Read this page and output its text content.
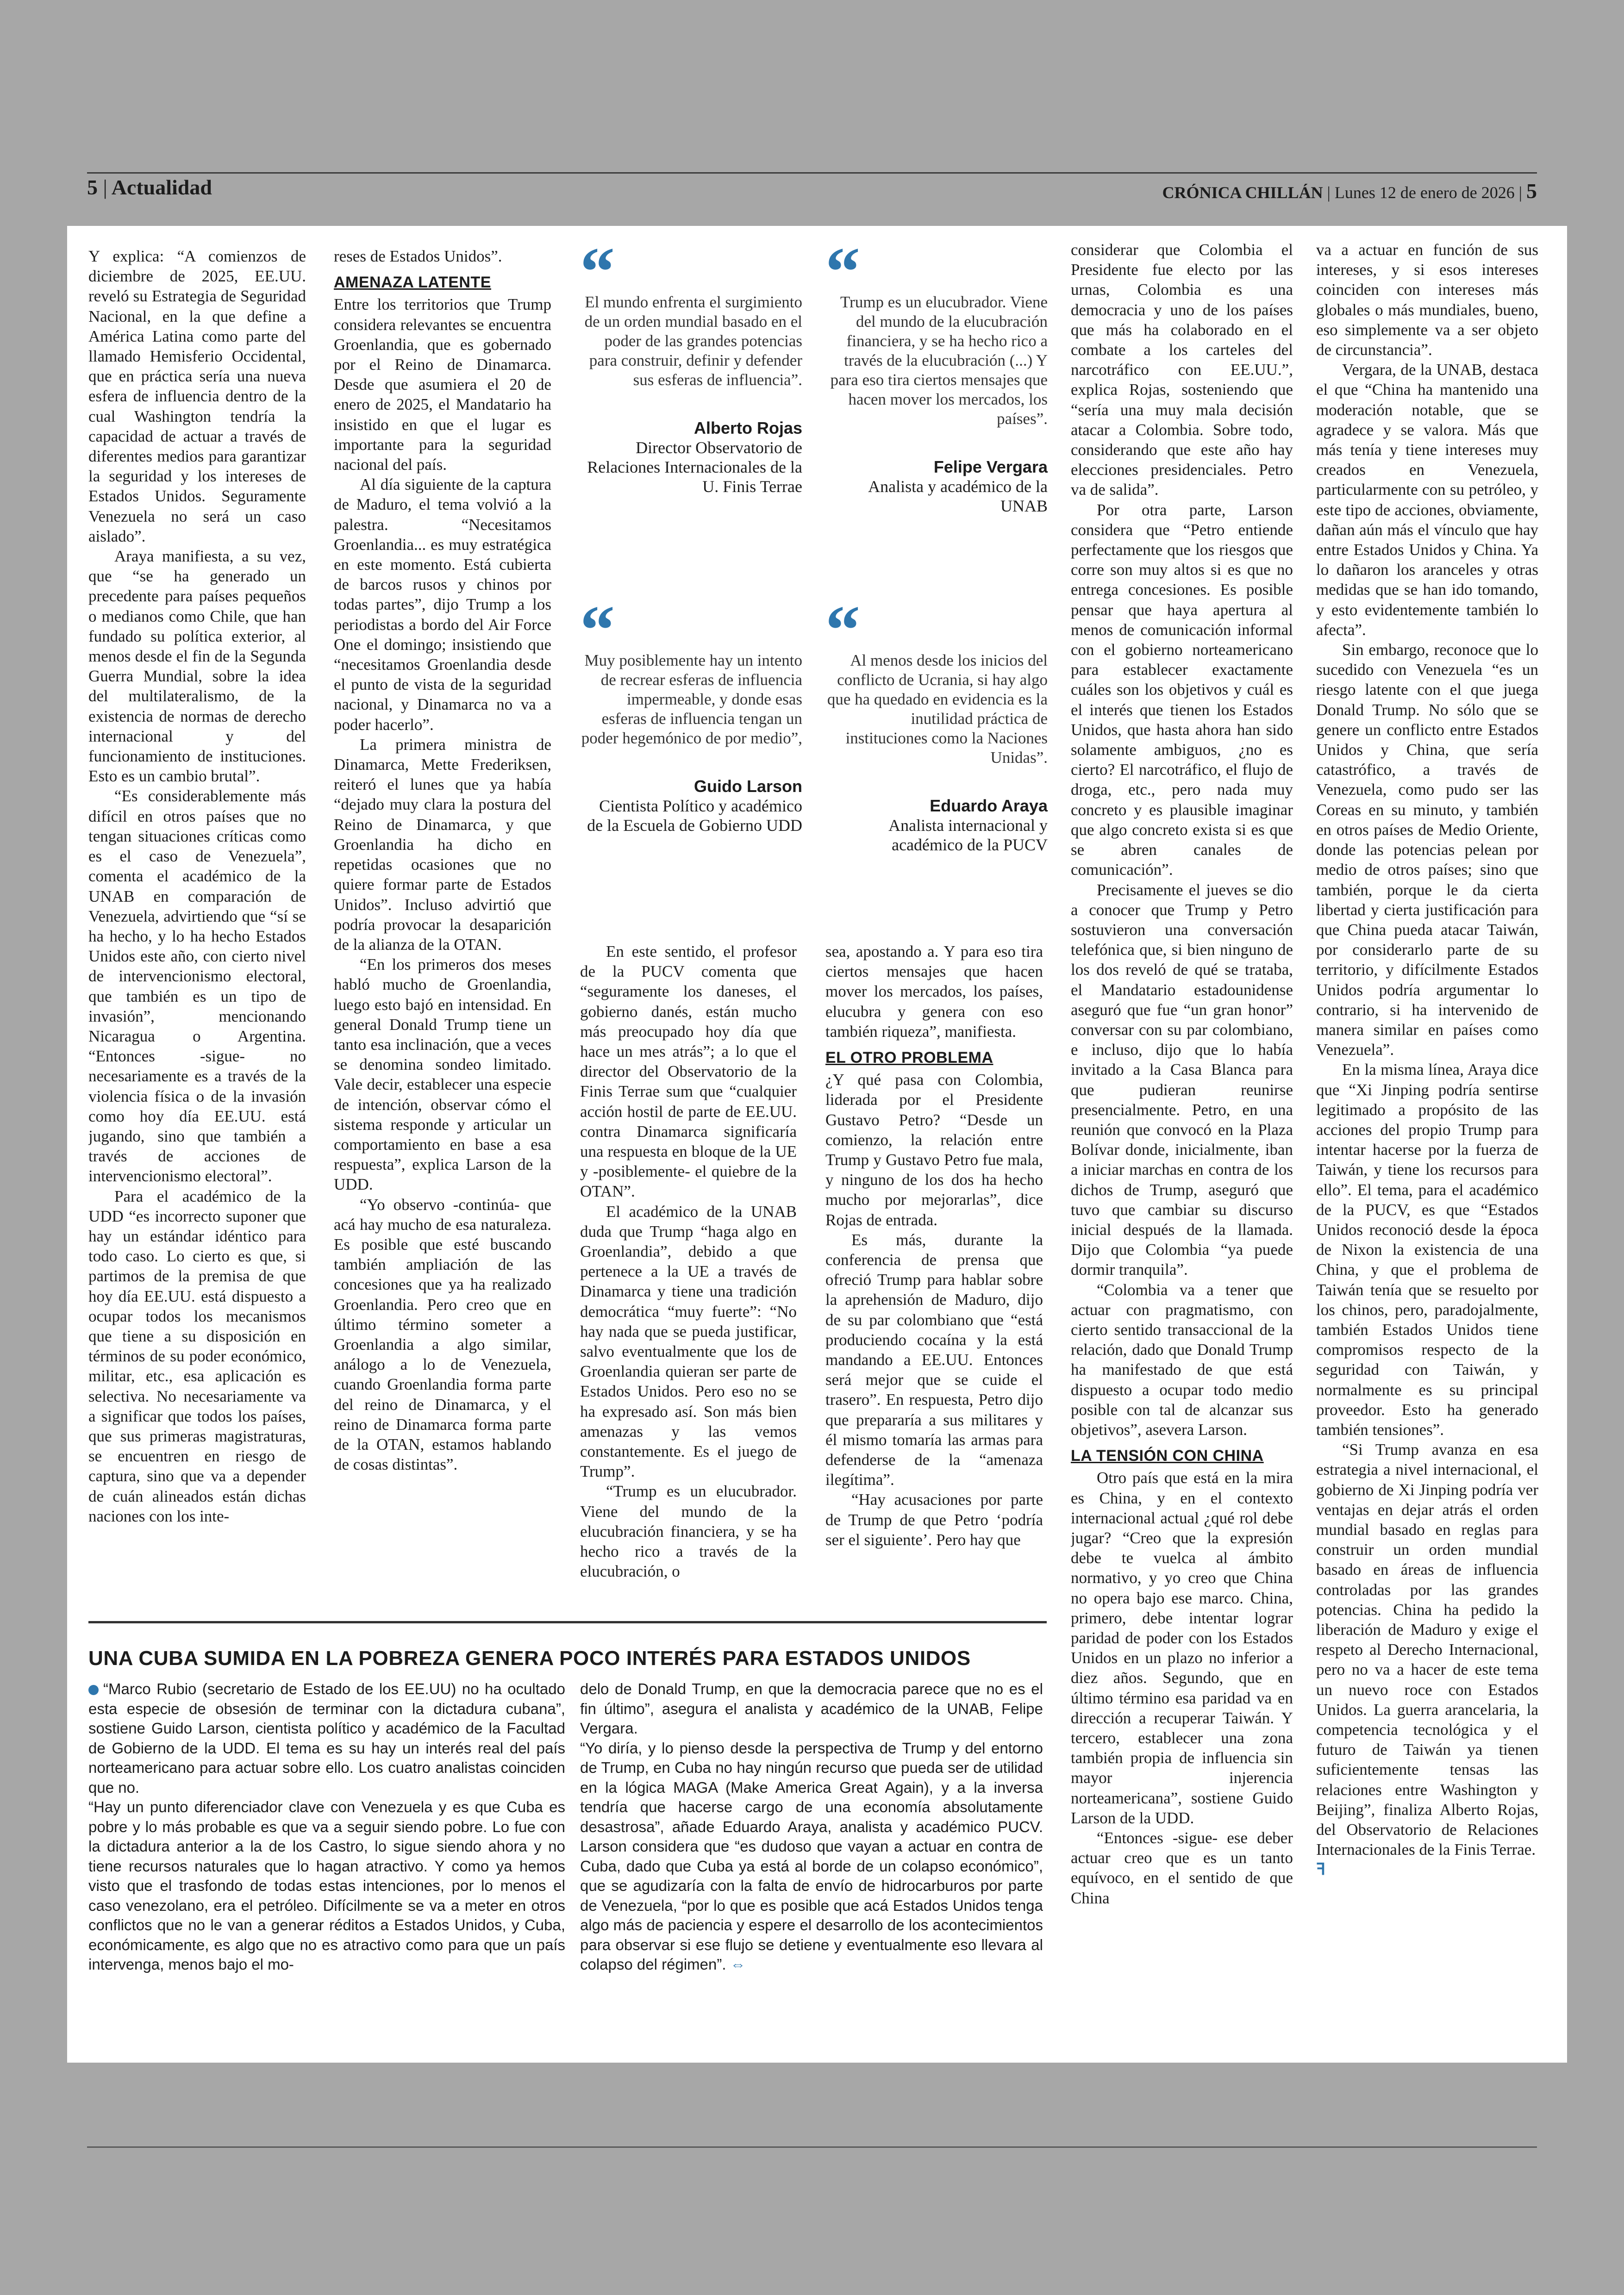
5 | Actualidad	CRÓNICA CHILLÁN | Lunes 12 de enero de 2026 | 5

Y explica: “A comienzos de diciembre de 2025, EE.UU. reveló su Estrategia de Seguridad Nacional, en la que define a América Latina como parte del llamado Hemisferio Occidental, que en práctica sería una nueva esfera de influencia dentro de la cual Washington tendría la capacidad de actuar a través de diferentes medios para garantizar la seguridad y los intereses de Estados Unidos. Seguramente Venezuela no será un caso aislado”.

Araya manifiesta, a su vez, que “se ha generado un precedente para países pequeños o medianos como Chile, que han fundado su política exterior, al menos desde el fin de la Segunda Guerra Mundial, sobre la idea del multilateralismo, de la existencia de normas de derecho internacional y del funcionamiento de instituciones. Esto es un cambio brutal”.

“Es considerablemente más difícil en otros países que no tengan situaciones críticas como es el caso de Venezuela”, comenta el académico de la UNAB en comparación de Venezuela, advirtiendo que “sí se ha hecho, y lo ha hecho Estados Unidos este año, con cierto nivel de intervencionismo electoral, que también es un tipo de invasión”, mencionando Nicaragua o Argentina. “Entonces -sigue- no necesariamente es a través de la violencia física o de la invasión como hoy día EE.UU. está jugando, sino que también a través de acciones de intervencionismo electoral”.

Para el académico de la UDD “es incorrecto suponer que hay un estándar idéntico para todo caso. Lo cierto es que, si partimos de la premisa de que hoy día EE.UU. está dispuesto a ocupar todos los mecanismos que tiene a su disposición en términos de su poder económico, militar, etc., esa aplicación es selectiva. No necesariamente va a significar que todos los países, que sus primeras magistraturas, se encuentren en riesgo de captura, sino que va a depender de cuán alineados están dichas naciones con los inte-

reses de Estados Unidos”.

AMENAZA LATENTE

Entre los territorios que Trump considera relevantes se encuentra Groenlandia, que es gobernado por el Reino de Dinamarca. Desde que asumiera el 20 de enero de 2025, el Mandatario ha insistido en que el lugar es importante para la seguridad nacional del país.

Al día siguiente de la captura de Maduro, el tema volvió a la palestra. “Necesitamos Groenlandia... es muy estratégica en este momento. Está cubierta de barcos rusos y chinos por todas partes”, dijo Trump a los periodistas a bordo del Air Force One el domingo; insistiendo que “necesitamos Groenlandia desde el punto de vista de la seguridad nacional, y Dinamarca no va a poder hacerlo”.

La primera ministra de Dinamarca, Mette Frederiksen, reiteró el lunes que ya había “dejado muy clara la postura del Reino de Dinamarca, y que Groenlandia ha dicho en repetidas ocasiones que no quiere formar parte de Estados Unidos”. Incluso advirtió que podría provocar la desaparición de la alianza de la OTAN.

“En los primeros dos meses habló mucho de Groenlandia, luego esto bajó en intensidad. En general Donald Trump tiene un tanto esa inclinación, que a veces se denomina sondeo limitado. Vale decir, establecer una especie de intención, observar cómo el sistema responde y articular un comportamiento en base a esa respuesta”, explica Larson de la UDD.

“Yo observo -continúa- que acá hay mucho de esa naturaleza. Es posible que esté buscando también ampliación de las concesiones que ya ha realizado Groenlandia. Pero creo que en último término someter a Groenlandia a algo similar, análogo a lo de Venezuela, cuando Groenlandia forma parte del reino de Dinamarca, y el reino de Dinamarca forma parte de la OTAN, estamos hablando de cosas distintas”.

“
El mundo enfrenta el surgimiento de un orden mundial basado en el poder de las grandes potencias para construir, definir y defender sus esferas de influencia”.
Alberto Rojas
Director Observatorio de Relaciones Internacionales de la U. Finis Terrae
“
Trump es un elucubrador. Viene del mundo de la elucubración financiera, y se ha hecho rico a través de la elucubración (...) Y para eso tira ciertos mensajes que hacen mover los mercados, los países”.
Felipe Vergara
Analista y académico de la UNAB
“
Muy posiblemente hay un intento de recrear esferas de influencia impermeable, y donde esas esferas de influencia tengan un poder hegemónico de por medio”,
Guido Larson
Cientista Político y académico de la Escuela de Gobierno UDD
“
Al menos desde los inicios del conflicto de Ucrania, si hay algo que ha quedado en evidencia es la inutilidad práctica de instituciones como la Naciones Unidas”.
Eduardo Araya
Analista internacional y académico de la PUCV

En este sentido, el profesor de la PUCV comenta que “seguramente los daneses, el gobierno danés, están mucho más preocupado hoy día que hace un mes atrás”; a lo que el director del Observatorio de la Finis Terrae sum que “cualquier acción hostil de parte de EE.UU. contra Dinamarca significaría una respuesta en bloque de la UE y -posiblemente- el quiebre de la OTAN”.

El académico de la UNAB duda que Trump “haga algo en Groenlandia”, debido a que pertenece a la UE a través de Dinamarca y tiene una tradición democrática “muy fuerte”: “No hay nada que se pueda justificar, salvo eventualmente que los de Groenlandia quieran ser parte de Estados Unidos. Pero eso no se ha expresado así. Son más bien amenazas y las vemos constantemente. Es el juego de Trump”.

“Trump es un elucubrador. Viene del mundo de la elucubración financiera, y se ha hecho rico a través de la elucubración, o

sea, apostando a. Y para eso tira ciertos mensajes que hacen mover los mercados, los países, elucubra y genera con eso también riqueza”, manifiesta.

EL OTRO PROBLEMA

¿Y qué pasa con Colombia, liderada por el Presidente Gustavo Petro? “Desde un comienzo, la relación entre Trump y Gustavo Petro fue mala, y ninguno de los dos ha hecho mucho por mejorarlas”, dice Rojas de entrada.

Es más, durante la conferencia de prensa que ofreció Trump para hablar sobre la aprehensión de Maduro, dijo de su par colombiano que “está produciendo cocaína y la está mandando a EE.UU. Entonces será mejor que se cuide el trasero”. En respuesta, Petro dijo que prepararía a sus militares y él mismo tomaría las armas para defenderse de la “amenaza ilegítima”.

“Hay acusaciones por parte de Trump de que Petro ‘podría ser el siguiente’. Pero hay que

considerar que Colombia el Presidente fue electo por las urnas, Colombia es una democracia y uno de los países que más ha colaborado en el combate a los carteles del narcotráfico con EE.UU.”, explica Rojas, sosteniendo que “sería una muy mala decisión atacar a Colombia. Sobre todo, considerando que este año hay elecciones presidenciales. Petro va de salida”.

Por otra parte, Larson considera que “Petro entiende perfectamente que los riesgos que corre son muy altos si es que no entrega concesiones. Es posible pensar que haya apertura al menos de comunicación informal con el gobierno norteamericano para establecer exactamente cuáles son los objetivos y cuál es el interés que tienen los Estados Unidos, que hasta ahora han sido solamente ambiguos, ¿no es cierto? El narcotráfico, el flujo de droga, etc., pero nada muy concreto y es plausible imaginar que algo concreto exista si es que se abren canales de comunicación”.

Precisamente el jueves se dio a conocer que Trump y Petro sostuvieron una conversación telefónica que, si bien ninguno de los dos reveló de qué se trataba, el Mandatario estadounidense aseguró que fue “un gran honor” conversar con su par colombiano, e incluso, dijo que lo había invitado a la Casa Blanca para que pudieran reunirse presencialmente. Petro, en una reunión que convocó en la Plaza Bolívar donde, inicialmente, iban a iniciar marchas en contra de los dichos de Trump, aseguró que tuvo que cambiar su discurso inicial después de la llamada. Dijo que Colombia “ya puede dormir tranquila”.

“Colombia va a tener que actuar con pragmatismo, con cierto sentido transaccional de la relación, dado que Donald Trump ha manifestado de que está dispuesto a ocupar todo medio posible con tal de alcanzar sus objetivos”, asevera Larson.

LA TENSIÓN CON CHINA

Otro país que está en la mira es China, y en el contexto internacional actual ¿qué rol debe jugar? “Creo que la expresión debe te vuelca al ámbito normativo, y yo creo que China no opera bajo ese marco. China, primero, debe intentar lograr paridad de poder con los Estados Unidos en un plazo no inferior a diez años. Segundo, que en último término esa paridad va en dirección a recuperar Taiwán. Y tercero, establecer una zona también propia de influencia sin mayor injerencia norteamericana”, sostiene Guido Larson de la UDD.

“Entonces -sigue- ese deber actuar creo que es un tanto equívoco, en el sentido de que China

va a actuar en función de sus intereses, y si esos intereses coinciden con intereses más globales o más mundiales, bueno, eso simplemente va a ser objeto de circunstancia”.

Vergara, de la UNAB, destaca el que “China ha mantenido una moderación notable, que se agradece y se valora. Más que más tenía y tiene intereses muy creados en Venezuela, particularmente con su petróleo, y este tipo de acciones, obviamente, dañan aún más el vínculo que hay entre Estados Unidos y China. Ya lo dañaron los aranceles y otras medidas que se han ido tomando, y esto evidentemente también lo afecta”.

Sin embargo, reconoce que lo sucedido con Venezuela “es un riesgo latente con el que juega Donald Trump. No sólo que se genere un conflicto entre Estados Unidos y China, que sería catastrófico, a través de Venezuela, como pudo ser las Coreas en su minuto, y también en otros países de Medio Oriente, donde las potencias pelean por medio de otros países; sino que también, porque le da cierta libertad y cierta justificación para que China pueda atacar Taiwán, por considerarlo parte de su territorio, y difícilmente Estados Unidos podría argumentar lo contrario, si ha intervenido de manera similar en países como Venezuela”.

En la misma línea, Araya dice que “Xi Jinping podría sentirse legitimado a propósito de las acciones del propio Trump para intentar hacerse por la fuerza de Taiwán, y tiene los recursos para ello”. El tema, para el académico de la PUCV, es que “Estados Unidos reconoció desde la época de Nixon la existencia de una China, y que el problema de Taiwán tenía que se resuelto por los chinos, pero, paradojalmente, también Estados Unidos tiene compromisos respecto de la seguridad con Taiwán, y normalmente es su principal proveedor. Esto ha generado también tensiones”.

“Si Trump avanza en esa estrategia a nivel internacional, el gobierno de Xi Jinping podría ver ventajas en dejar atrás el orden mundial basado en reglas para construir un orden mundial basado en áreas de influencia controladas por las grandes potencias. China ha pedido la liberación de Maduro y exige el respeto al Derecho Internacional, pero no va a hacer de este tema un nuevo roce con Estados Unidos. La guerra arancelaria, la competencia tecnológica y el futuro de Taiwán ya tienen suficientemente tensas las relaciones entre Washington y Beijing”, finaliza Alberto Rojas, del Observatorio de Relaciones Internacionales de la Finis Terrae.

ꟻ
UNA CUBA SUMIDA EN LA POBREZA GENERA POCO INTERÉS PARA ESTADOS UNIDOS

“Marco Rubio (secretario de Estado de los EE.UU) no ha ocultado esta especie de obsesión de terminar con la dictadura cubana”, sostiene Guido Larson, cientista político y académico de la Facultad de Gobierno de la UDD. El tema es su hay un interés real del país norteamericano para actuar sobre ello. Los cuatro analistas coinciden que no.

“Hay un punto diferenciador clave con Venezuela y es que Cuba es pobre y lo más probable es que va a seguir siendo pobre. Lo fue con la dictadura anterior a la de los Castro, lo sigue siendo ahora y no tiene recursos naturales que lo hagan atractivo. Y como ya hemos visto que el trasfondo de todas estas intenciones, por lo menos el caso venezolano, era el petróleo. Difícilmente se va a meter en otros conflictos que no le van a generar réditos a Estados Unidos, y Cuba, económicamente, es algo que no es atractivo como para que un país intervenga, menos bajo el mo-

delo de Donald Trump, en que la democracia parece que no es el fin último”, asegura el analista y académico de la UNAB, Felipe Vergara.

“Yo diría, y lo pienso desde la perspectiva de Trump y del entorno de Trump, en Cuba no hay ningún recurso que pueda ser de utilidad en la lógica MAGA (Make America Great Again), y a la inversa tendría que hacerse cargo de una economía absolutamente desastrosa”, añade Eduardo Araya, analista y académico PUCV. Larson considera que “es dudoso que vayan a actuar en contra de Cuba, dado que Cuba ya está al borde de un colapso económico”, que se agudizaría con la falta de envío de hidrocarburos por parte de Venezuela, “por lo que es posible que acá Estados Unidos tenga algo más de paciencia y espere el desarrollo de los acontecimientos para observar si ese flujo se detiene y eventualmente eso llevara al colapso del régimen”. ⇔
